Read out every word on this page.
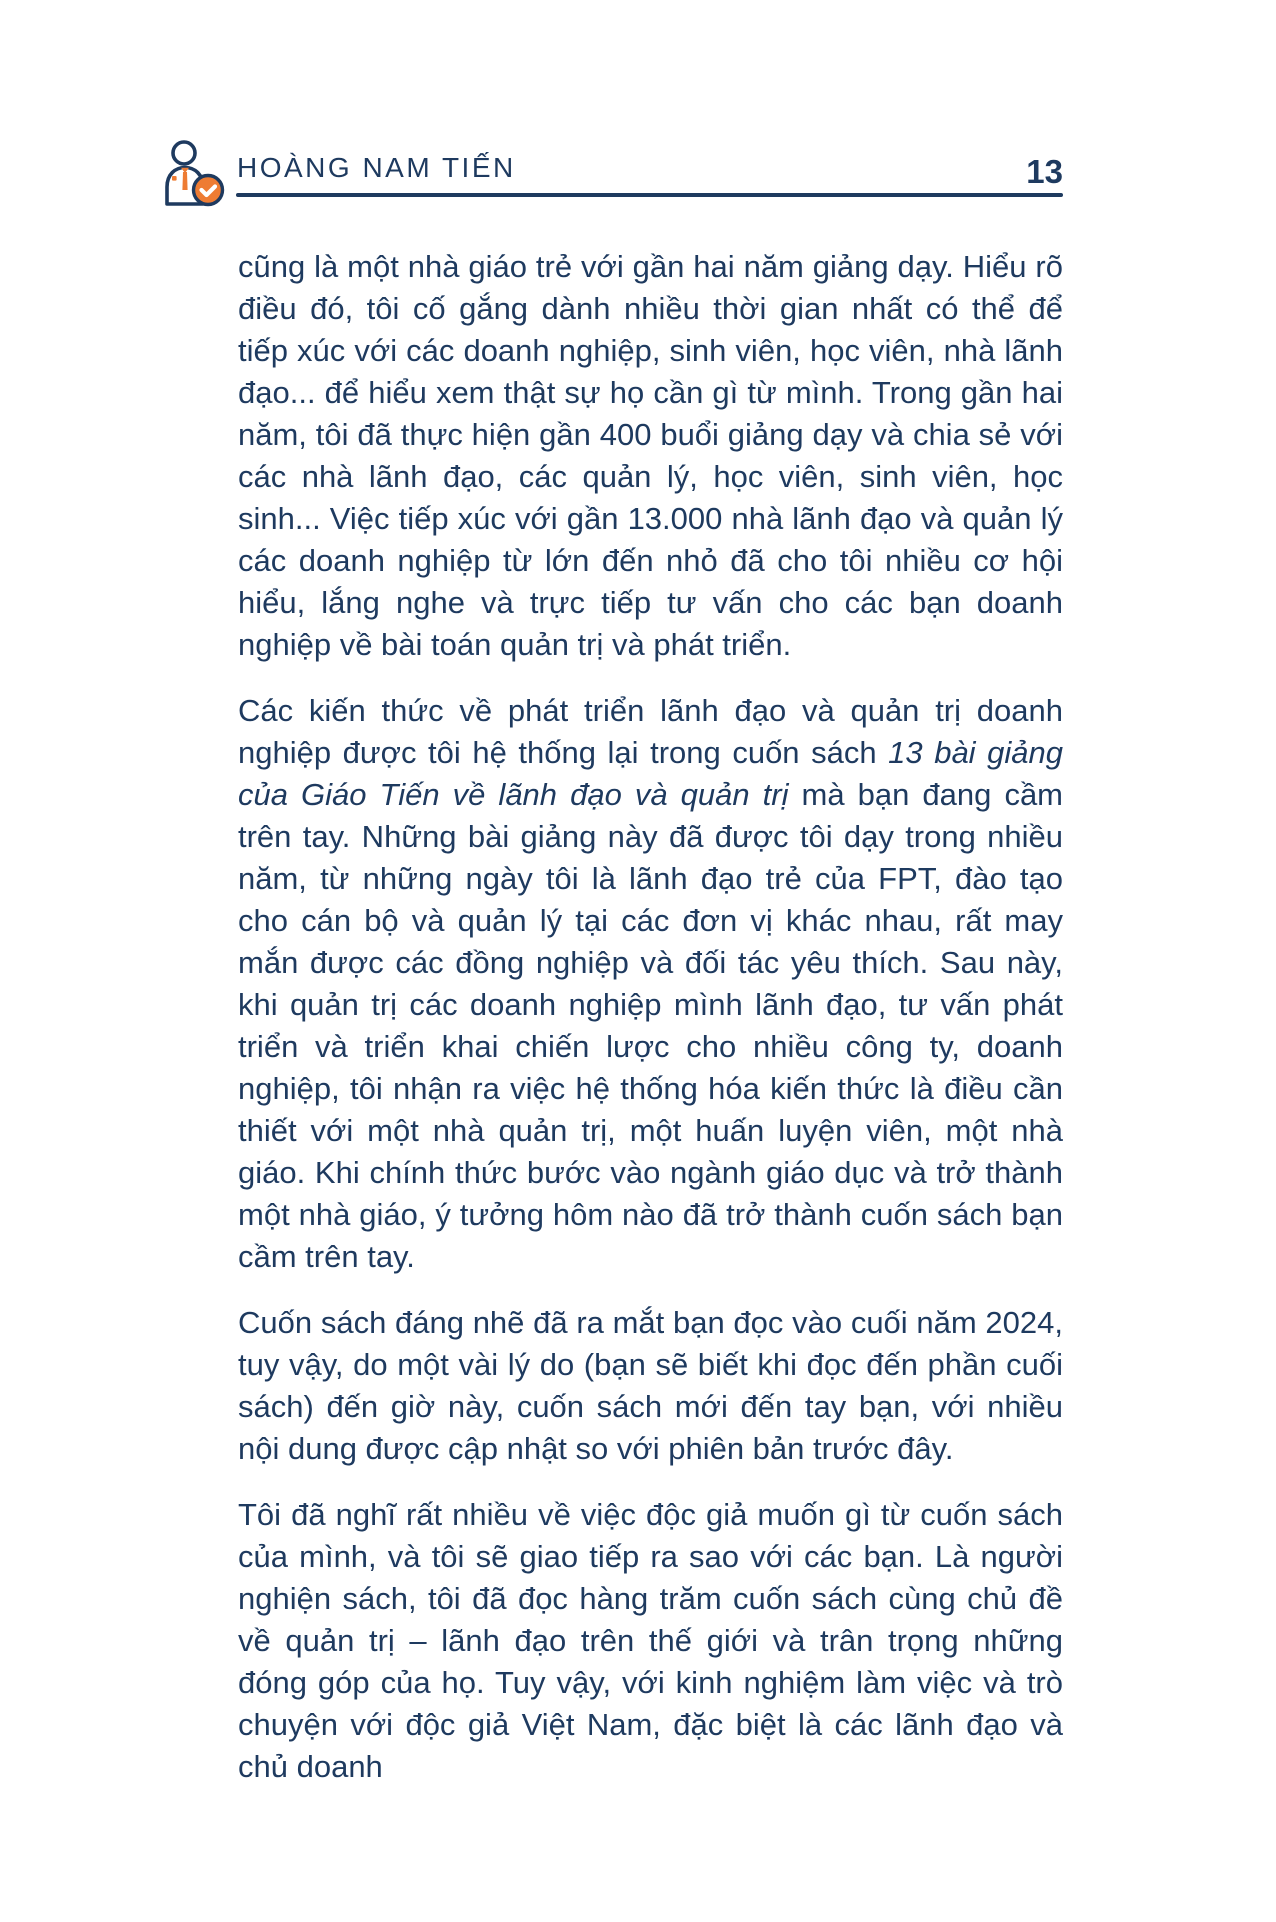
HOÀNG NAM TIẾN	13

cũng là một nhà giáo trẻ với gần hai năm giảng dạy. Hiểu rõ điều đó, tôi cố gắng dành nhiều thời gian nhất có thể để tiếp xúc với các doanh nghiệp, sinh viên, học viên, nhà lãnh đạo... để hiểu xem thật sự họ cần gì từ mình. Trong gần hai năm, tôi đã thực hiện gần 400 buổi giảng dạy và chia sẻ với các nhà lãnh đạo, các quản lý, học viên, sinh viên, học sinh... Việc tiếp xúc với gần 13.000 nhà lãnh đạo và quản lý các doanh nghiệp từ lớn đến nhỏ đã cho tôi nhiều cơ hội hiểu, lắng nghe và trực tiếp tư vấn cho các bạn doanh nghiệp về bài toán quản trị và phát triển.

Các kiến thức về phát triển lãnh đạo và quản trị doanh nghiệp được tôi hệ thống lại trong cuốn sách 13 bài giảng của Giáo Tiến về lãnh đạo và quản trị mà bạn đang cầm trên tay. Những bài giảng này đã được tôi dạy trong nhiều năm, từ những ngày tôi là lãnh đạo trẻ của FPT, đào tạo cho cán bộ và quản lý tại các đơn vị khác nhau, rất may mắn được các đồng nghiệp và đối tác yêu thích. Sau này, khi quản trị các doanh nghiệp mình lãnh đạo, tư vấn phát triển và triển khai chiến lược cho nhiều công ty, doanh nghiệp, tôi nhận ra việc hệ thống hóa kiến thức là điều cần thiết với một nhà quản trị, một huấn luyện viên, một nhà giáo. Khi chính thức bước vào ngành giáo dục và trở thành một nhà giáo, ý tưởng hôm nào đã trở thành cuốn sách bạn cầm trên tay.

Cuốn sách đáng nhẽ đã ra mắt bạn đọc vào cuối năm 2024, tuy vậy, do một vài lý do (bạn sẽ biết khi đọc đến phần cuối sách) đến giờ này, cuốn sách mới đến tay bạn, với nhiều nội dung được cập nhật so với phiên bản trước đây.

Tôi đã nghĩ rất nhiều về việc độc giả muốn gì từ cuốn sách của mình, và tôi sẽ giao tiếp ra sao với các bạn. Là người nghiện sách, tôi đã đọc hàng trăm cuốn sách cùng chủ đề về quản trị – lãnh đạo trên thế giới và trân trọng những đóng góp của họ. Tuy vậy, với kinh nghiệm làm việc và trò chuyện với độc giả Việt Nam, đặc biệt là các lãnh đạo và chủ doanh
